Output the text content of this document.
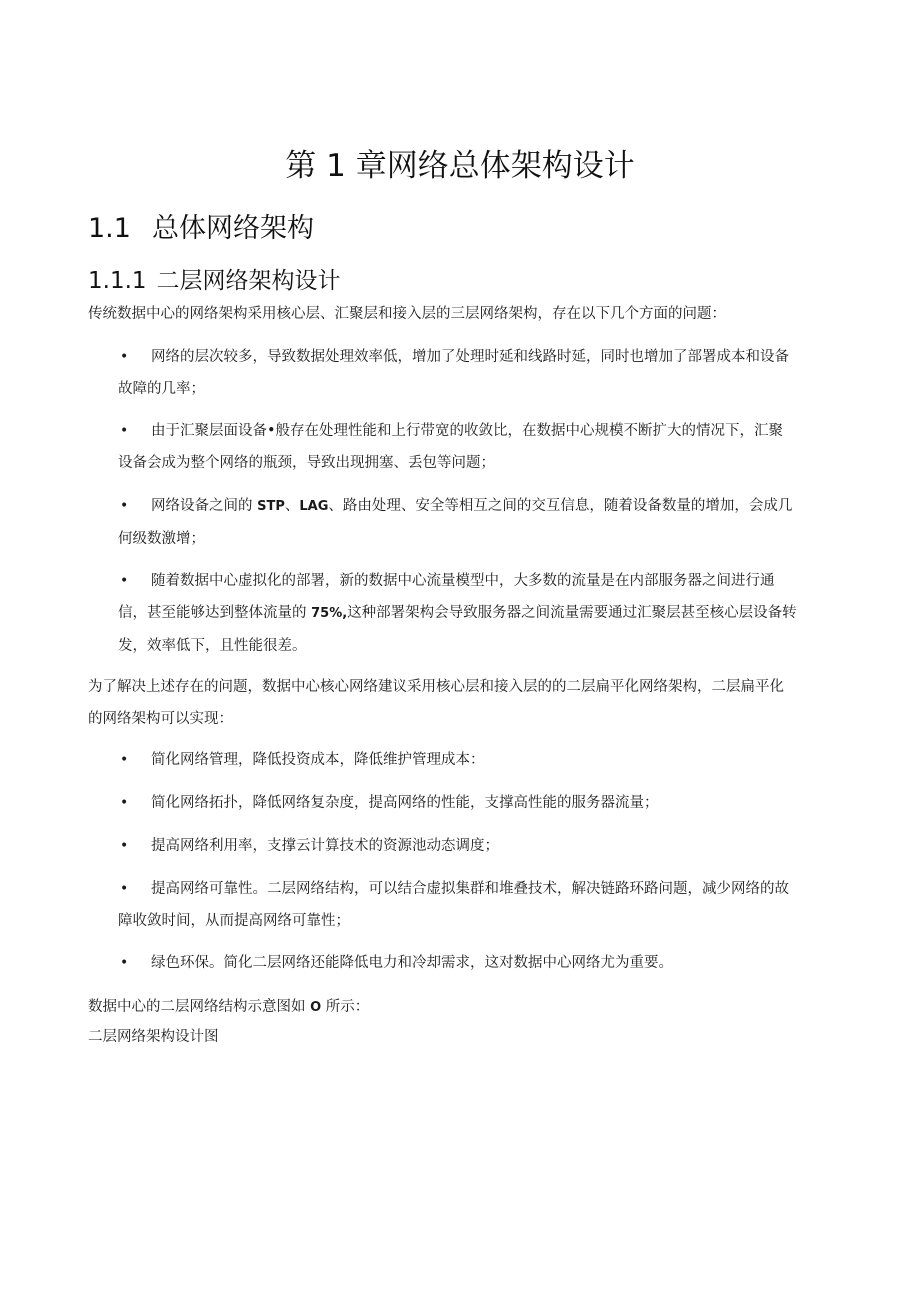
第 1 章网络总体架构设计
1.1 总体网络架构
1.1.1 二层网络架构设计

传统数据中心的网络架构采用核心层、汇聚层和接入层的三层网络架构，存在以下几个方面的问题：

•	网络的层次较多，导致数据处理效率低，增加了处理时延和线路时延，同时也增加了部署成本和设备
故障的几率；
•	由于汇聚层面设备•般存在处理性能和上行带宽的收敛比，在数据中心规模不断扩大的情况下，汇聚
设备会成为整个网络的瓶颈，导致出现拥塞、丢包等问题；
•	网络设备之间的 STP、LAG、路由处理、安全等相互之间的交互信息，随着设备数量的增加，会成几
何级数激增；
•	随着数据中心虚拟化的部署，新的数据中心流量模型中，大多数的流量是在内部服务器之间进行通
信，甚至能够达到整体流量的 75%,这种部署架构会导致服务器之间流量需要通过汇聚层甚至核心层设备转
发，效率低下，且性能很差。
为了解决上述存在的问题，数据中心核心网络建议采用核心层和接入层的的二层扁平化网络架构，二层扁平化
的网络架构可以实现：
•	简化网络管理，降低投资成本，降低维护管理成本：
•	简化网络拓扑，降低网络复杂度，提高网络的性能，支撑高性能的服务器流量；
•	提高网络利用率，支撑云计算技术的资源池动态调度；
•	提高网络可靠性。二层网络结构，可以结合虚拟集群和堆叠技术，解决链路环路问题，减少网络的故
障收敛时间，从而提高网络可靠性；
•	绿色环保。简化二层网络还能降低电力和冷却需求，这对数据中心网络尤为重要。

数据中心的二层网络结构示意图如 O 所示：

二层网络架构设计图
